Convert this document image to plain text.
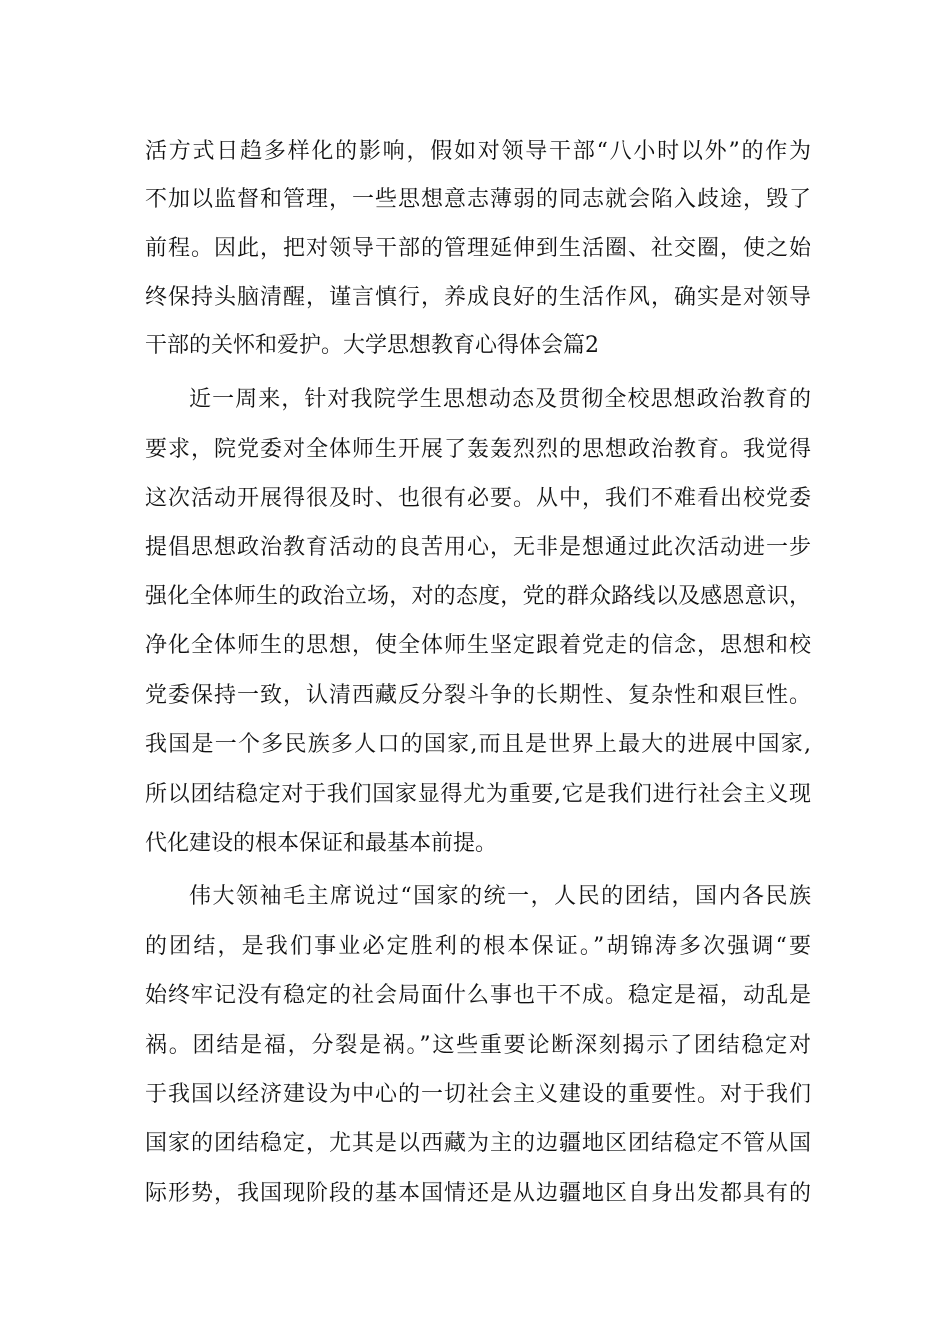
活方式日趋多样化的影响，假如对领导干部“八小时以外”的作为
不加以监督和管理，一些思想意志薄弱的同志就会陷入歧途，毁了
前程。因此，把对领导干部的管理延伸到生活圈、社交圈，使之始
终保持头脑清醒，谨言慎行，养成良好的生活作风，确实是对领导
干部的关怀和爱护。大学思想教育心得体会篇2
近一周来，针对我院学生思想动态及贯彻全校思想政治教育的
要求，院党委对全体师生开展了轰轰烈烈的思想政治教育。我觉得
这次活动开展得很及时、也很有必要。从中，我们不难看出校党委
提倡思想政治教育活动的良苦用心，无非是想通过此次活动进一步
强化全体师生的政治立场，对的态度，党的群众路线以及感恩意识，
净化全体师生的思想，使全体师生坚定跟着党走的信念，思想和校
党委保持一致，认清西藏反分裂斗争的长期性、复杂性和艰巨性。
我国是一个多民族多人口的国家,而且是世界上最大的进展中国家,
所以团结稳定对于我们国家显得尤为重要,它是我们进行社会主义现
代化建设的根本保证和最基本前提。
伟大领袖毛主席说过“国家的统一，人民的团结，国内各民族
的团结，是我们事业必定胜利的根本保证。”胡锦涛多次强调“要
始终牢记没有稳定的社会局面什么事也干不成。稳定是福，动乱是
祸。团结是福，分裂是祸。”这些重要论断深刻揭示了团结稳定对
于我国以经济建设为中心的一切社会主义建设的重要性。对于我们
国家的团结稳定，尤其是以西藏为主的边疆地区团结稳定不管从国
际形势，我国现阶段的基本国情还是从边疆地区自身出发都具有的
